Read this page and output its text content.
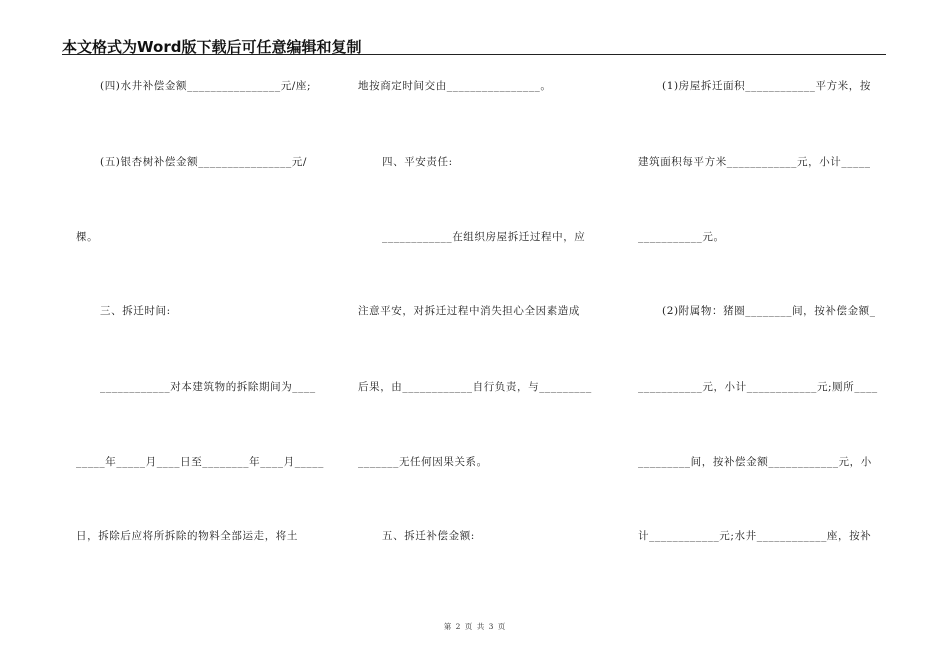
本文格式为Word版下载后可任意编辑和复制
(四)水井补偿金额________________元/座;
(五)银杏树补偿金额________________元/
棵。
三、拆迁时间:
____________对本建筑物的拆除期间为____
_____年_____月____日至________年____月_____
日，拆除后应将所拆除的物料全部运走，将土
地按商定时间交由________________。
四、平安责任:
____________在组织房屋拆迁过程中，应
注意平安，对拆迁过程中消失担心全因素造成
后果，由____________自行负责，与_________
_______无任何因果关系。
五、拆迁补偿金额:
(1)房屋拆迁面积____________平方米，按
建筑面积每平方米____________元，小计_____
___________元。
(2)附属物：猪圈________间，按补偿金额_
___________元，小计____________元;厕所____
_________间，按补偿金额____________元，小
计____________元;水井____________座，按补
第 2 页 共 3 页
